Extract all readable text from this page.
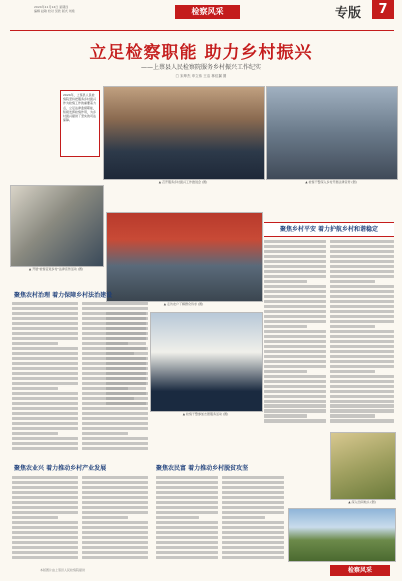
2024年11月14日 星期四
编辑 赵敏 校对 吴欣 版式 刘艳	检察风采	专版	7
立足检察职能 助力乡村振兴
——上蔡县人民检察院服务乡村振兴工作纪实
□ 宋坤杰 申立伟 王洁 林佳翼 图
▲ 召开服务乡村振兴工作推进会 (图)	▲ 检察干警深入乡村开展法律宣传 (图)
2024年，上蔡县人民检察院坚持把服务乡村振兴作为检察工作的重要着力点，立足法律监督职能，积极发挥检察作用，为乡村振兴提供了坚实的司法保障。
▲ 开展"检察官进乡村"法律宣传活动 (图)
▲ 走访农户了解群众诉求 (图)
▲ 检察干警参加志愿服务活动 (图)
聚焦乡村平安 着力护航乡村和谐稳定
聚焦农村治理 着力保障乡村法治建设
聚焦农业兴 着力推动乡村产业发展	聚焦农民富 着力推动乡村脱贫攻坚
▲ 深入田间地头 (图)
本版图片由上蔡县人民检察院提供	检察风采
